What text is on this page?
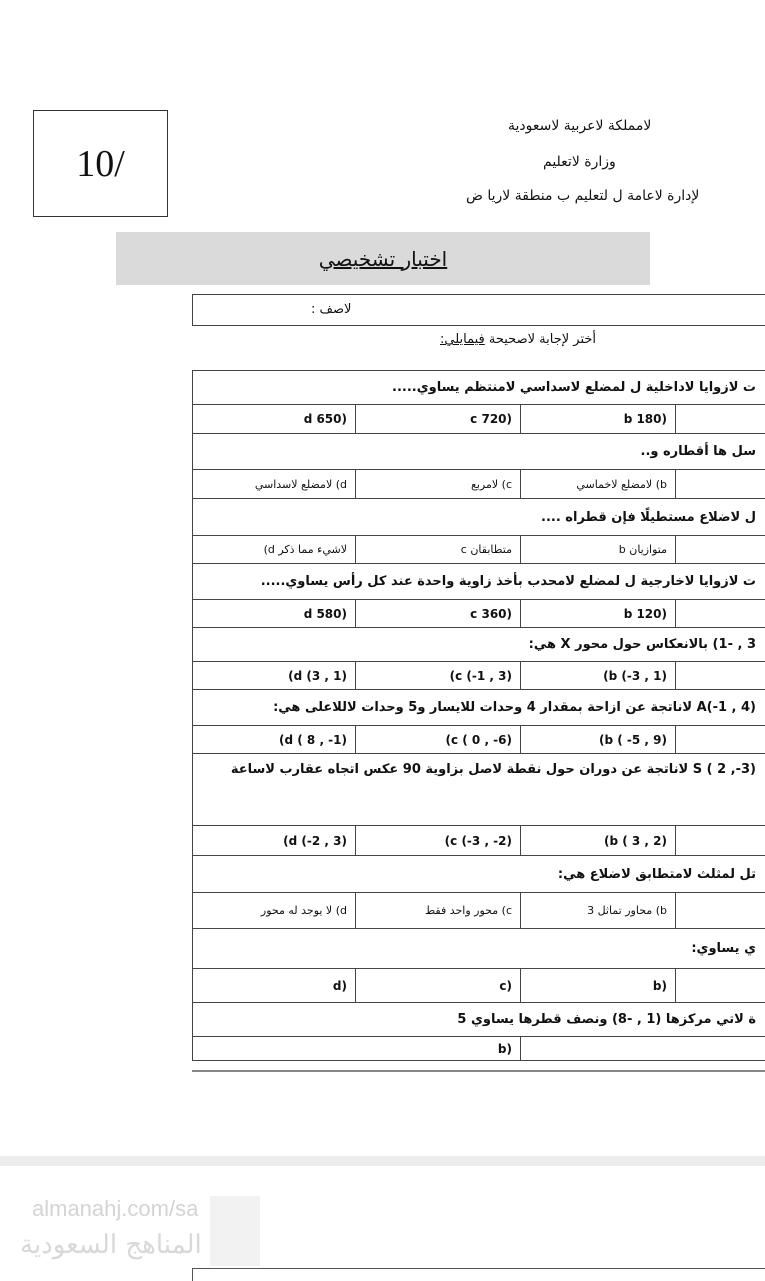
10/
لامملكة لاعربية لاسعودية
وزارة لاتعليم
لإدارة لاعامة ل لتعليم ب منطقة لاريا ض
اختبار تشخيصي
لاصف :
أختر لإجابة لاصحيحة فيمايلي:
ت لازوايا لاداخلية ل لمضلع لاسداسي لامنتظم يساوي.....			
d 650)	c 720)	b 180)	
سل ها أقطاره و..			
لامضلع لاسداسي (d	لامربع (c	لامضلع لاخماسي (b	
ل لاضلاع مستطيلًا فإن قطراه ....			
(d لاشيء مما ذكر	c متطابقان	b متوازيان	
ت لازوايا لاخارجية ل لمضلع لامحدب بأخذ زاوية واحدة عند كل رأس يساوي.....			
d 580)	c 360)	b 120)	
3 , -1) بالانعكاس حول محور X هي:			
(d (3 , 1)	(c (-1 , 3)	(b (-3 , 1)	
A(-1 , 4) لاناتجة عن ازاحة بمقدار 4 وحدات للايسار و5 وحدات لاللاعلى هي:			
(d ( 8 , -1)	(c ( 0 , -6)	(b ( -5 , 9)	
S ( 2 ,-3) لاناتجة عن دوران حول نقطة لاصل بزاوية 90 عكس اتجاه عقارب لاساعة			
(d (-2 , 3)	(c (-3 , -2)	(b ( 3 , 2)	
تل لمثلث لامتطابق لاضلاع هي:			
لا يوجد له محور (d	محور واحد فقط (c	3 محاور تماثل (b	
ي يساوي:			
d)	c)	b)	
ة لاتي مركزها (1 , -8) ونصف قطرها يساوي 5			
b)			
almanahj.com/sa
المناهج السعودية
